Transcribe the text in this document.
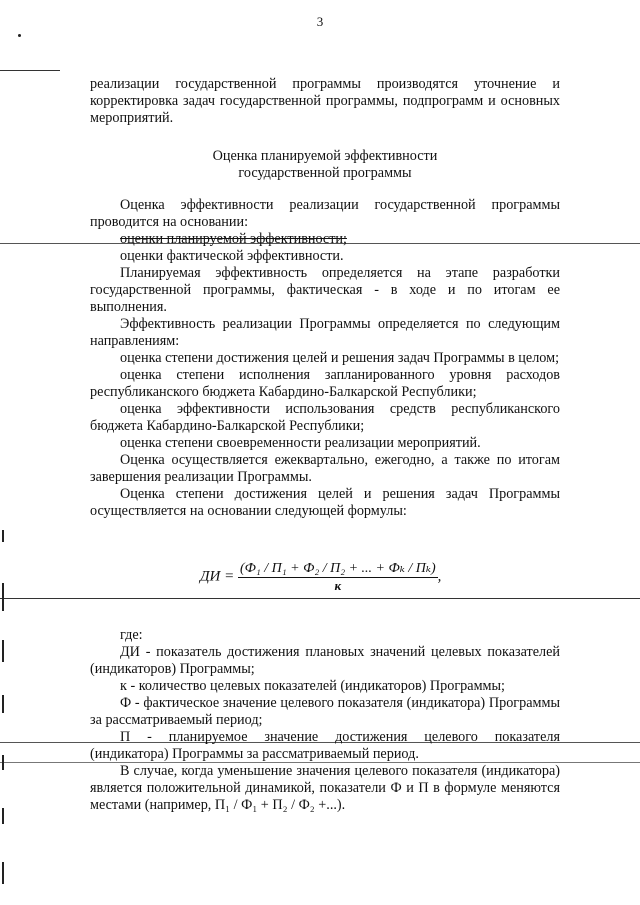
3

реализации государственной программы производятся уточнение и корректировка задач государственной программы, подпрограмм и основных мероприятий.

Оценка планируемой эффективности
государственной программы

Оценка эффективности реализации государственной программы проводится на основании:

оценки планируемой эффективности;

оценки фактической эффективности.

Планируемая эффективность определяется на этапе разработки государственной программы, фактическая - в ходе и по итогам ее выполнения.

Эффективность реализации Программы определяется по следующим направлениям:

оценка степени достижения целей и решения задач Программы в целом;

оценка степени исполнения запланированного уровня расходов республиканского бюджета Кабардино-Балкарской Республики;

оценка эффективности использования средств республиканского бюджета Кабардино-Балкарской Республики;

оценка степени своевременности реализации мероприятий.

Оценка осуществляется ежеквартально, ежегодно, а также по итогам завершения реализации Программы.

Оценка степени достижения целей и решения задач Программы осуществляется на основании следующей формулы:

ДИ = $\frac{\text{(Ф₁ / П₁ + Ф₂ / П₂ + ... + Фₖ / Пₖ)}}{к}$ ,

где:

ДИ - показатель достижения плановых значений целевых показателей (индикаторов) Программы;

к - количество целевых показателей (индикаторов) Программы;

Ф - фактическое значение целевого показателя (индикатора) Программы за рассматриваемый период;

П - планируемое значение достижения целевого показателя (индикатора) Программы за рассматриваемый период.

В случае, когда уменьшение значения целевого показателя (индикатора) является положительной динамикой, показатели Ф и П в формуле меняются местами (например, П₁ / Ф₁ + П₂ / Ф₂ +...).
